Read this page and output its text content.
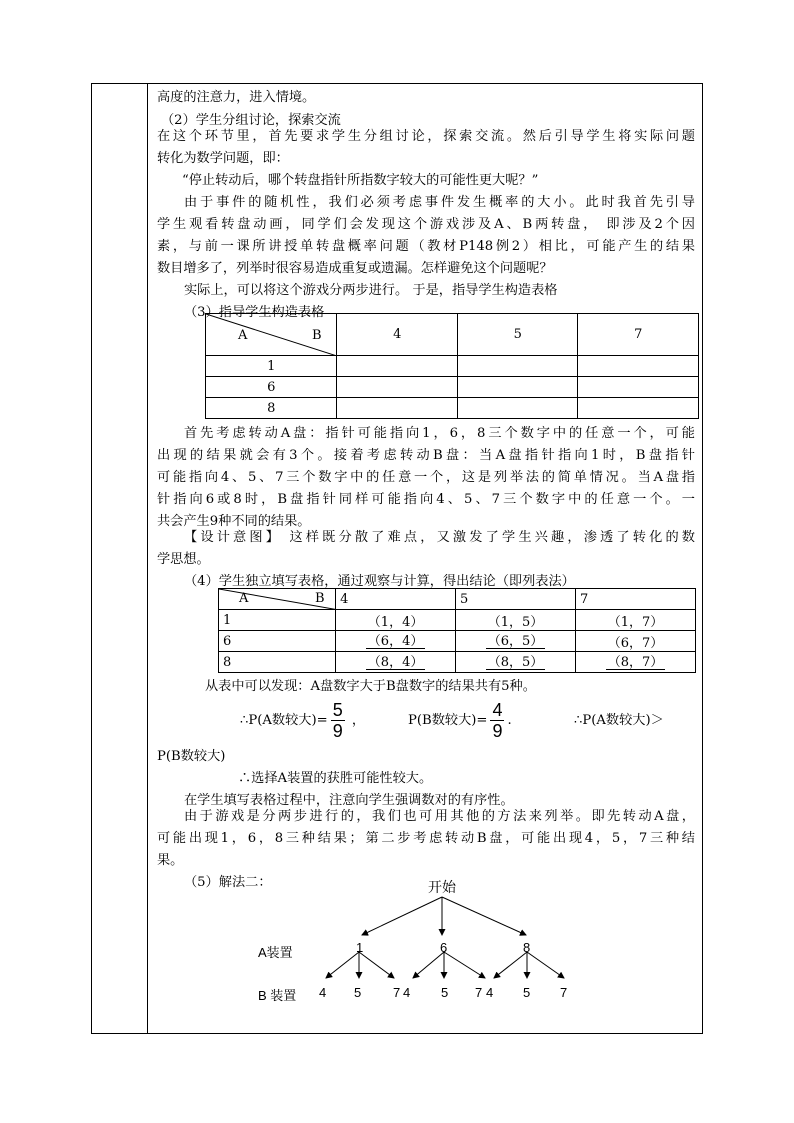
高度的注意力，进入情境。
（2）学生分组讨论，探索交流
在这个环节里，首先要求学生分组讨论，探索交流。然后引导学生将实际问题
转化为数学问题，即：
“停止转动后，哪个转盘指针所指数字较大的可能性更大呢？”
由于事件的随机性，我们必须考虑事件发生概率的大小。此时我首先引导
学生观看转盘动画，同学们会发现这个游戏涉及A、B两转盘， 即涉及2个因
素，与前一课所讲授单转盘概率问题（教材P148例2）相比，可能产生的结果
数目增多了，列举时很容易造成重复或遗漏。怎样避免这个问题呢？
实际上，可以将这个游戏分两步进行。 于是，指导学生构造表格
（3）指导学生构造表格
A B	4	5	7
1			
6			
8			
首先考虑转动A盘：指针可能指向1，6，8三个数字中的任意一个，可能
出现的结果就会有3个。接着考虑转动B盘：当A盘指针指向1时，B盘指针
可能指向4、5、7三个数字中的任意一个，这是列举法的简单情况。当A盘指
针指向6或8时，B盘指针同样可能指向4、5、7三个数字中的任意一个。一
共会产生9种不同的结果。
【设计意图】 这样既分散了难点，又激发了学生兴趣，渗透了转化的数
学思想。
（4）学生独立填写表格，通过观察与计算，得出结论（即列表法）
A B	4	5	7
1	（1，4）	（1，5）	（1，7）
6	（6，4）	（6，5）	（6，7）
8	（8，4）	（8，5）	（8，7）
从表中可以发现：A盘数字大于B盘数字的结果共有5种。
∴P(A数较大)= $\frac{5}{9}$ ，	P(B数较大)= $\frac{4}{9}$ .	∴P(A数较大)＞
P(B数较大)
∴选择A装置的获胜可能性较大。
在学生填写表格过程中，注意向学生强调数对的有序性。
由于游戏是分两步进行的，我们也可用其他的方法来列举。即先转动A盘，
可能出现1，6，8三种结果；第二步考虑转动B盘，可能出现4，5，7三种结
果。
（5）解法二：	开始
A装置	1	6	8
B 装置 4 5 7 4 5 7 4 5 7
